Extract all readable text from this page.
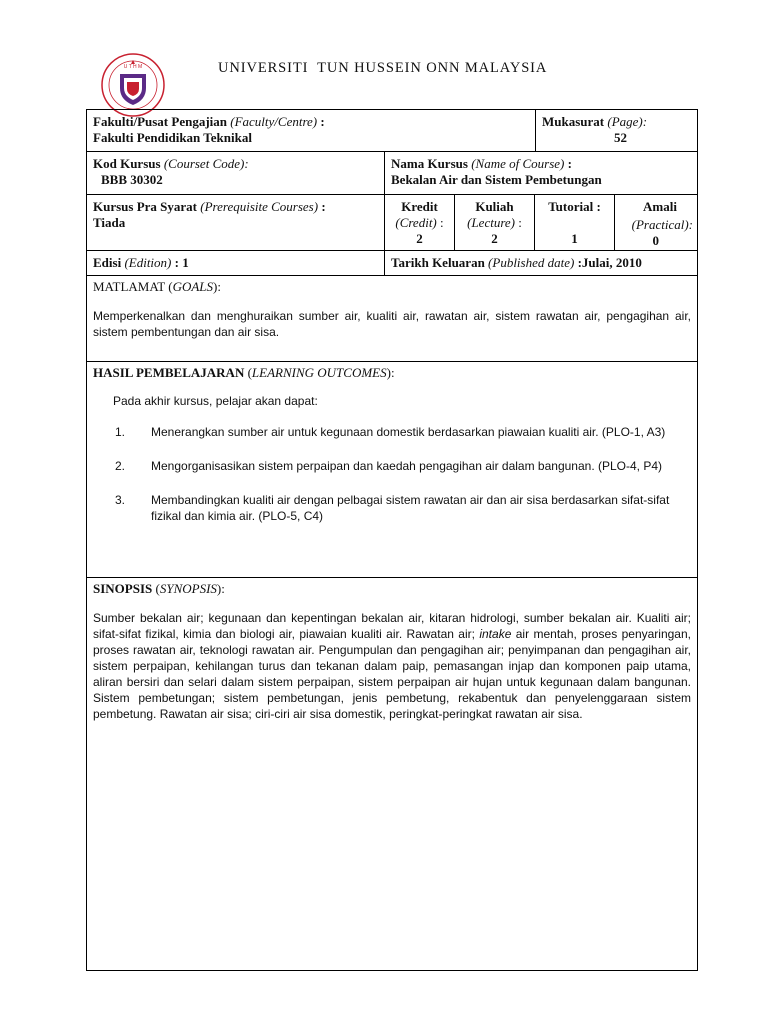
U T H M	UNIVERSITI  TUN HUSSEIN ONN MALAYSIA
Fakulti/Pusat Pengajian (Faculty/Centre) :
Fakulti Pendidikan Teknikal
Mukasurat (Page):
52
Kod Kursus (Courset Code):
BBB 30302
Nama Kursus (Name of Course) :
Bekalan Air dan Sistem Pembetungan
Kursus Pra Syarat (Prerequisite Courses) :
Tiada
Kredit
(Credit) :
2
Kuliah
(Lecture) :
2
Tutorial :

1
Amali
(Practical):
0
Edisi (Edition) : 1	Tarikh Keluaran (Published date) :Julai, 2010
MATLAMAT (GOALS):
Memperkenalkan dan menghuraikan sumber air, kualiti air, rawatan air, sistem rawatan air, pengagihan air, sistem pembentungan dan air sisa.
HASIL PEMBELAJARAN (LEARNING OUTCOMES):
Pada akhir kursus, pelajar akan dapat:
1. Menerangkan sumber air untuk kegunaan domestik berdasarkan piawaian kualiti air. (PLO-1, A3)
2. Mengorganisasikan sistem perpaipan dan kaedah pengagihan air dalam bangunan. (PLO-4, P4)
3. Membandingkan kualiti air dengan pelbagai sistem rawatan air dan air sisa berdasarkan sifat-sifat fizikal dan kimia air. (PLO-5, C4)
SINOPSIS (SYNOPSIS):
Sumber bekalan air; kegunaan dan kepentingan bekalan air, kitaran hidrologi, sumber bekalan air. Kualiti air; sifat-sifat fizikal, kimia dan biologi air, piawaian kualiti air. Rawatan air; intake air mentah, proses penyaringan, proses rawatan air, teknologi rawatan air. Pengumpulan dan pengagihan air; penyimpanan dan pengagihan air, sistem perpaipan, kehilangan turus dan tekanan dalam paip, pemasangan injap dan komponen paip utama, aliran bersiri dan selari dalam sistem perpaipan, sistem perpaipan air hujan untuk kegunaan dalam bangunan. Sistem pembetungan; sistem pembetungan, jenis pembetung, rekabentuk dan penyelenggaraan sistem pembetung. Rawatan air sisa; ciri-ciri air sisa domestik, peringkat-peringkat rawatan air sisa.
